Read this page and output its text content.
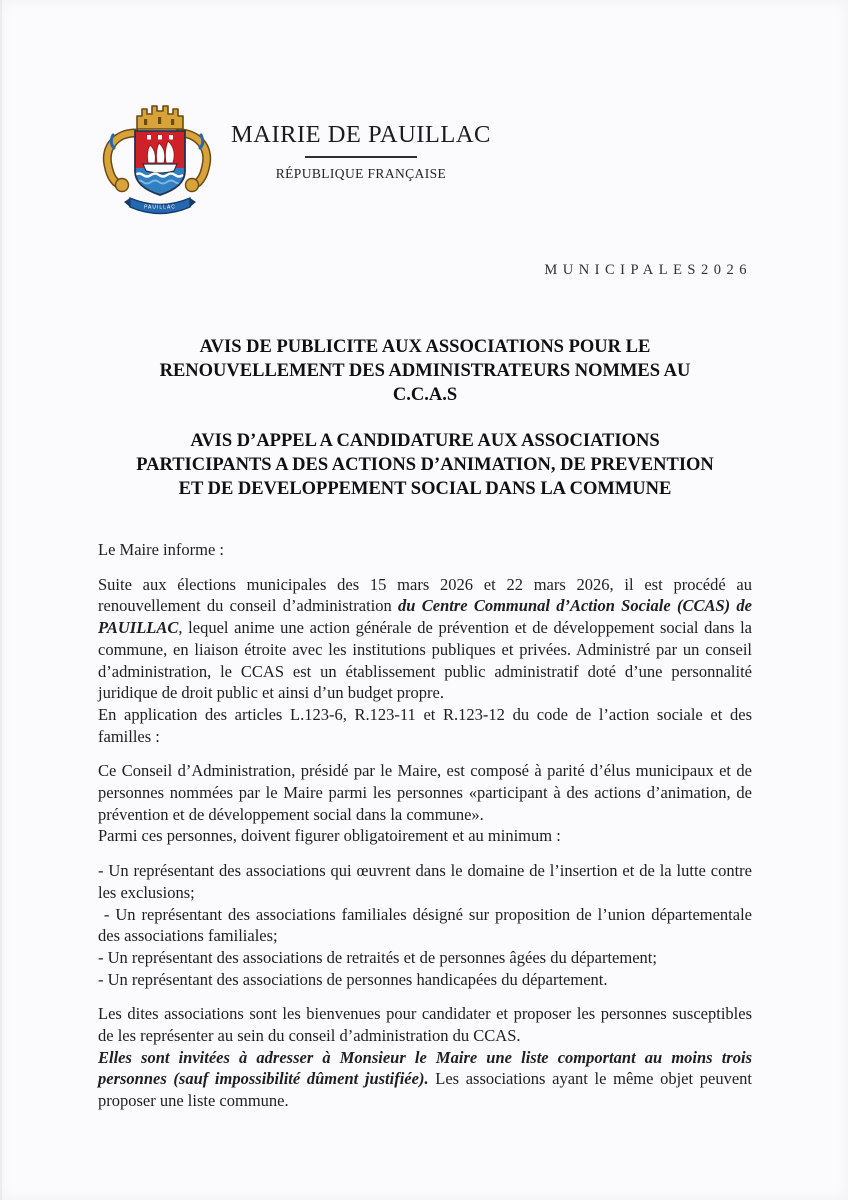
PAUILLAC
MAIRIE DE PAUILLAC
RÉPUBLIQUE FRANÇAISE
MUNICIPALES2026
AVIS DE PUBLICITE AUX ASSOCIATIONS POUR LE
RENOUVELLEMENT DES ADMINISTRATEURS NOMMES AU
C.C.A.S
AVIS D’APPEL A CANDIDATURE AUX ASSOCIATIONS
PARTICIPANTS A DES ACTIONS D’ANIMATION, DE PREVENTION
ET DE DEVELOPPEMENT SOCIAL DANS LA COMMUNE

Le Maire informe :

Suite aux élections municipales des 15 mars 2026 et 22 mars 2026, il est procédé au renouvellement du conseil d’administration du Centre Communal d’Action Sociale (CCAS) de PAUILLAC, lequel anime une action générale de prévention et de développement social dans la commune, en liaison étroite avec les institutions publiques et privées. Administré par un conseil d’administration, le CCAS est un établissement public administratif doté d’une personnalité juridique de droit public et ainsi d’un budget propre.

En application des articles L.123-6, R.123-11 et R.123-12 du code de l’action sociale et des familles :

Ce Conseil d’Administration, présidé par le Maire, est composé à parité d’élus municipaux et de personnes nommées par le Maire parmi les personnes «participant à des actions d’animation, de prévention et de développement social dans la commune».

Parmi ces personnes, doivent figurer obligatoirement et au minimum :

- Un représentant des associations qui œuvrent dans le domaine de l’insertion et de la lutte contre les exclusions;

- Un représentant des associations familiales désigné sur proposition de l’union départementale des associations familiales;

- Un représentant des associations de retraités et de personnes âgées du département;

- Un représentant des associations de personnes handicapées du département.

Les dites associations sont les bienvenues pour candidater et proposer les personnes susceptibles de les représenter au sein du conseil d’administration du CCAS.

Elles sont invitées à adresser à Monsieur le Maire une liste comportant au moins trois personnes (sauf impossibilité dûment justifiée). Les associations ayant le même objet peuvent proposer une liste commune.
